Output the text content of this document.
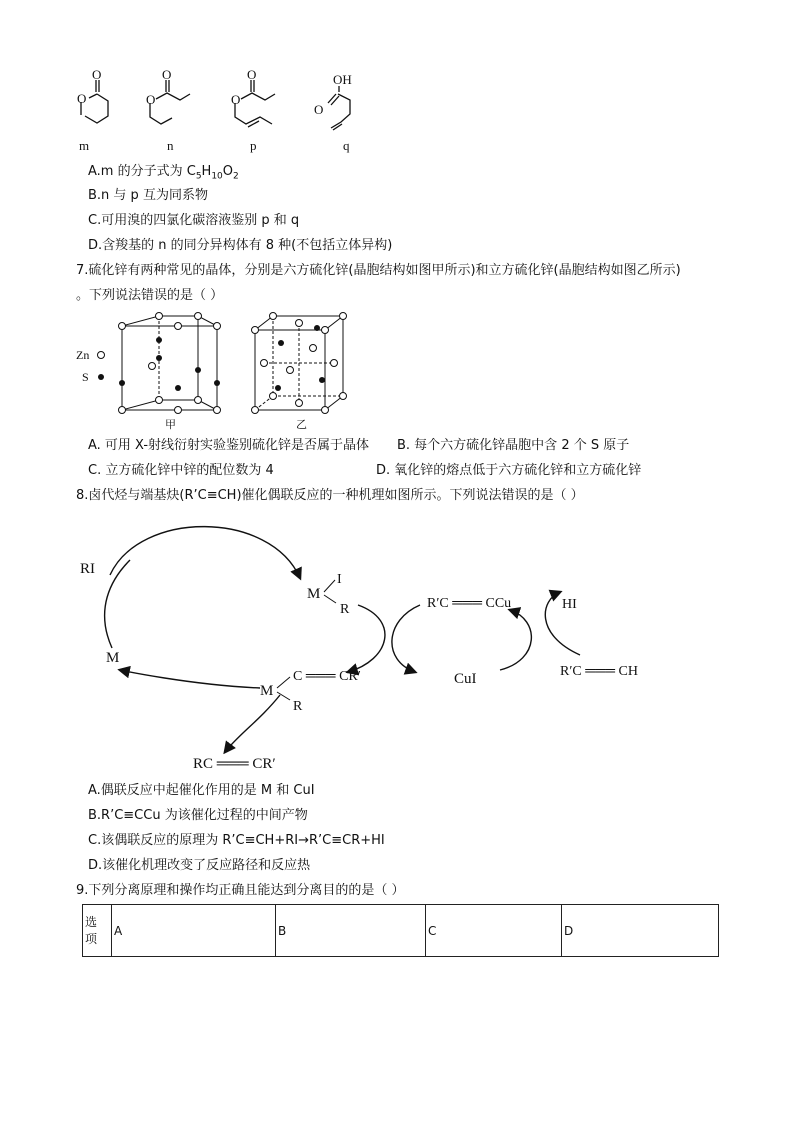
O
O
O
O
O
O
OH
O
m	n	p	q
A.m 的分子式为 $C_5H_{10}O_2$
B.n 与 p 互为同系物
C.可用溴的四氯化碳溶液鉴别 p 和 q
D.含羧基的 n 的同分异构体有 8 种(不包括立体异构)
7.硫化锌有两种常见的晶体，分别是六方硫化锌(晶胞结构如图甲所示)和立方硫化锌(晶胞结构如图乙所示)
。下列说法错误的是（ ）
Zn
S
甲	乙
A. 可用 X-射线衍射实验鉴别硫化锌是否属于晶体 B. 每个六方硫化锌晶胞中含 2 个 S 原子
C. 立方硫化锌中锌的配位数为 4	D. 氧化锌的熔点低于六方硫化锌和立方硫化锌
8.卤代烃与端基炔(R’C≡CH)催化偶联反应的一种机理如图所示。下列说法错误的是（ ）
RI
M
M
I
R
M
C ═══ CR′
R
RC ═══ CR′
R′C ═══ CCu
CuI
HI
R′C ═══ CH
A.偶联反应中起催化作用的是 M 和 CuI
B.R’C≡CCu 为该催化过程的中间产物
C.该偶联反应的原理为 R’C≡CH+RI→R’C≡CR+HI
D.该催化机理改变了反应路径和反应热
9.下列分离原理和操作均正确且能达到分离目的的是（ ）
选
项
	A	B	C	D
